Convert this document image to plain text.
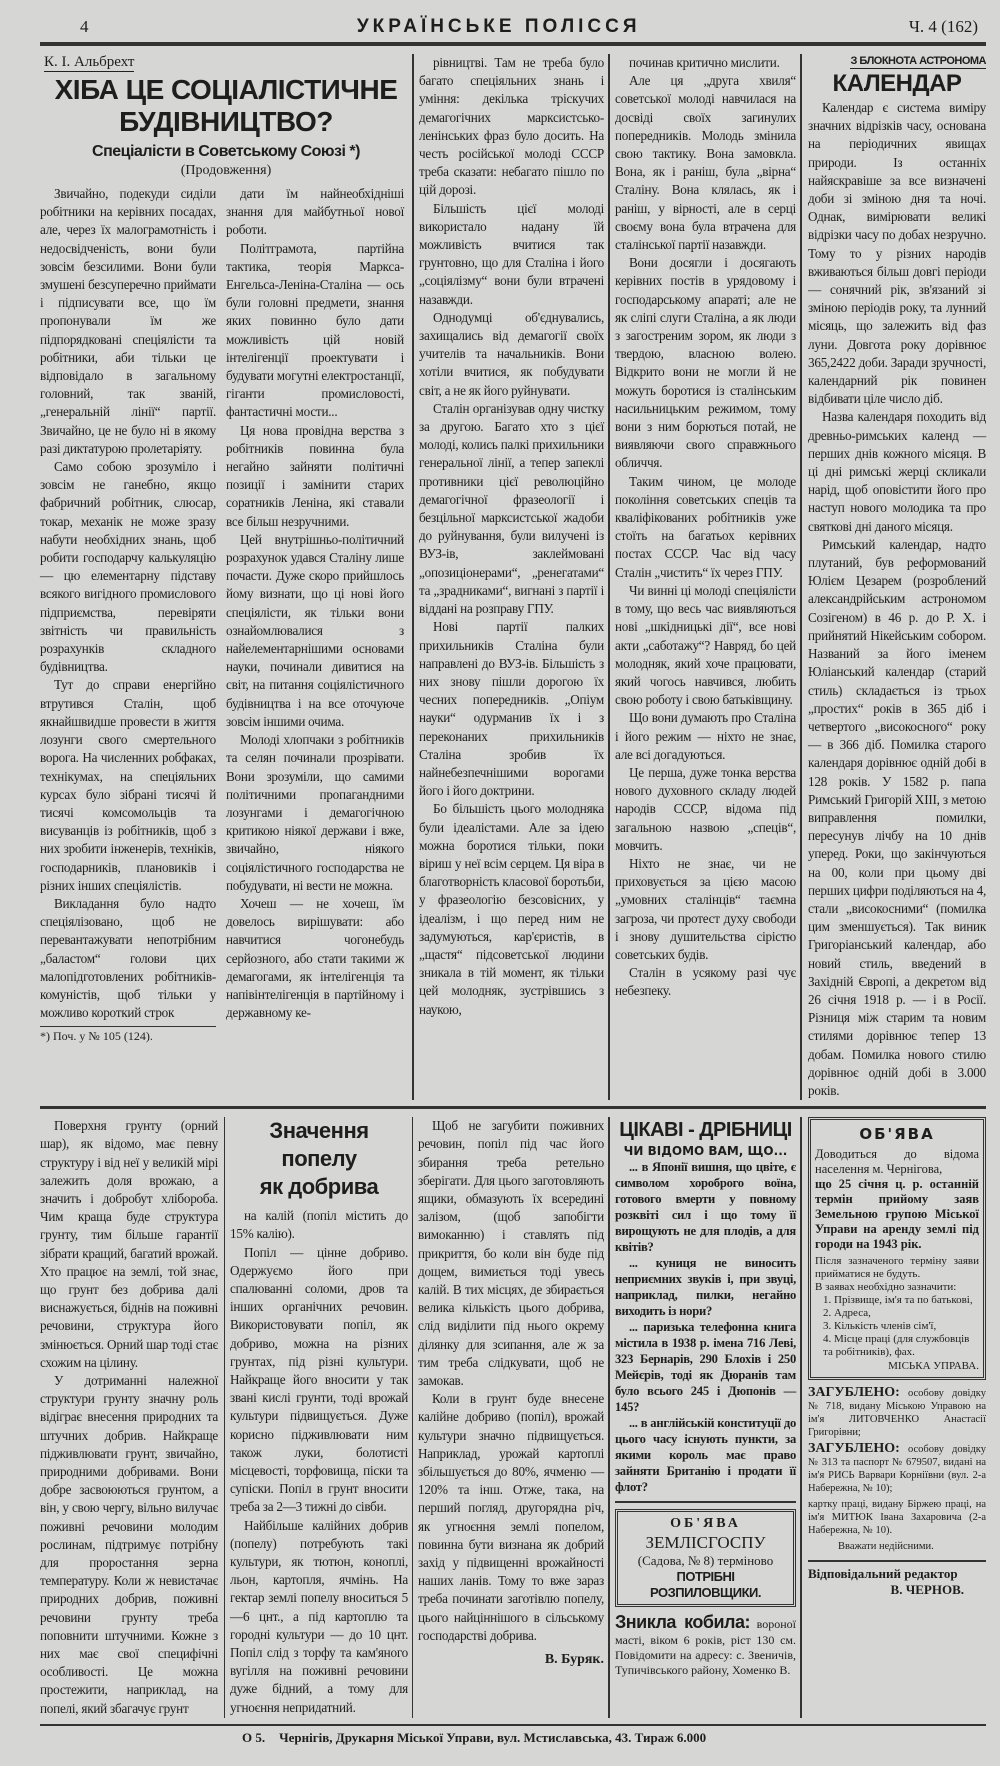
4	УКРАЇНСЬКЕ ПОЛІССЯ	Ч. 4 (162)
К. І. Альбрехт
ХІБА ЦЕ СОЦІАЛІСТИЧНЕ
БУДІВНИЦТВО?
Спеціалісти в Советському Союзі *)
(Продовження)

Звичайно, подекуди сиділи робітники на керівних посадах, але, через їх малограмотність і недосвідченість, вони були зовсім безсилими. Вони були змушені безсуперечно приймати і підписувати все, що їм пропонували їм же підпорядковані спеціялісти та робітники, аби тільки це відповідало в загальному головний, так званій, „генеральній лінії“ партії. Звичайно, це не було ні в якому разі диктатурою пролетаріяту.

Само собою зрозуміло і зовсім не ганебно, якщо фабричний робітник, слюсар, токар, механік не може зразу набути необхідних знань, щоб робити господарчу калькуляцію — цю елементарну підставу всякого вигідного промислового підприємства, перевіряти звітність чи правильність розрахунків складного будівництва.

Тут до справи енергійно втрутився Сталін, щоб якнайшвидше провести в життя лозунги свого смертельного ворога. На численних робфаках, технікумах, на спеціяльних курсах було зібрані тисячі й тисячі комсомольців та висуванців із робітників, щоб з них зробити інженерів, техніків, господарників, плановиків і різних інших спеціялістів.

Викладання було надто спеціялізовано, щоб не перевантажувати непотрібним „баластом“ голови цих малопідготовлених робітників-комуністів, щоб тільки у можливо короткий строк

*) Поч. у № 105 (124).

дати їм найнеобхідніші знання для майбутньої нової роботи.

Політграмота, партійна тактика, теорія Маркса-Енгельса-Леніна-Сталіна — ось були головні предмети, знання яких повинно було дати можливість цій новій інтелігенції проектувати і будувати могутні електростанції, гіганти промисловості, фантастичні мости...

Ця нова провідна верства з робітників повинна була негайно зайняти політичні позиції і замінити старих соратників Леніна, які ставали все більш незручними.

Цей внутрішньо-політичний розрахунок удався Сталіну лише почасти. Дуже скоро прийшлось йому визнати, що ці нові його спеціялісти, як тільки вони ознайомлювалися з найелементарнішими основами науки, починали дивитися на світ, на питання соціялістичного будівництва і на все оточуюче зовсім іншими очима.

Молоді хлопчаки з робітників та селян починали прозрівати. Вони зрозуміли, що самими політичними пропагандними лозунгами і демагогічною критикою ніякої держави і вже, звичайно, ніякого соціялістичного господарства не побудувати, ні вести не можна.

Хочеш — не хочеш, їм довелось вирішувати: або навчитися чогонебудь серйозного, або стати такими ж демагогами, як інтелігенція та напівінтелігенція в партійному і державному ке-

рівництві. Там не треба було багато спеціяльних знань і уміння: декілька тріскучих демагогічних марксистсько-ленінських фраз було досить. На честь російської молоді СССР треба сказати: небагато пішло по цій дорозі.

Більшість цієї молоді використало надану їй можливість вчитися так грунтовно, що для Сталіна і його „соціялізму“ вони були втрачені назавжди.

Однодумці об'єднувались, захищались від демагогії своїх учителів та начальників. Вони хотіли вчитися, як побудувати світ, а не як його руйнувати.

Сталін організував одну чистку за другою. Багато хто з цієї молоді, колись палкі прихильники генеральної лінії, а тепер запеклі противники цієї революційно демагогічної фразеології і безцільної марксистської жадоби до руйнування, були вилучені із ВУЗ-ів, заклеймовані „опозиціонерами“, „ренегатами“ та „зрадниками“, вигнані з партії і віддані на розправу ГПУ.

Нові партії палких прихильників Сталіна були направлені до ВУЗ-ів. Більшість з них знову пішли дорогою їх чесних попередників. „Опіум науки“ одурманив їх і з переконаних прихильників Сталіна зробив їх найнебезпечнішими ворогами його і його доктрини.

Бо більшість цього молодняка були ідеалістами. Але за ідею можна боротися тільки, поки віриш у неї всім серцем. Ця віра в благотворність класової боротьби, у фразеологію безсовісних, у ідеалізм, і що перед ним не задумуються, кар'єристів, в „щастя“ підсоветської людини зникала в тій момент, як тільки цей молодняк, зустрівшись з наукою,

починав критично мислити.

Але ця „друга хвиля“ советської молоді навчилася на досвіді своїх загинулих попередників. Молодь змінила свою тактику. Вона замовкла. Вона, як і раніш, була „вірна“ Сталіну. Вона клялась, як і раніш, у вірності, але в серці своєму вона була втрачена для сталінської партії назавжди.

Вони досягли і досягають керівних постів в урядовому і господарському апараті; але не як сліпі слуги Сталіна, а як люди з загостреним зором, як люди з твердою, власною волею. Відкрито вони не могли й не можуть боротися із сталінським насильницьким режимом, тому вони з ним борються потай, не виявляючи свого справжнього обличчя.

Таким чином, це молоде покоління советських спеців та кваліфікованих робітників уже стоїть на багатьох керівних постах СССР. Час від часу Сталін „чистить“ їх через ГПУ.

Чи винні ці молоді спеціялісти в тому, що весь час виявляються нові „шкідницькі дії“, все нові акти „саботажу“? Навряд, бо цей молодняк, який хоче працювати, який чогось навчився, любить свою роботу і свою батьківщину.

Що вони думають про Сталіна і його режим — ніхто не знає, але всі догадуються.

Це перша, дуже тонка верства нового духовного складу людей народів СССР, відома під загальною назвою „спеців“, мовчить.

Ніхто не знає, чи не приховується за цією масою „умовних сталінців“ таємна загроза, чи протест духу свободи і знову душительства сірістю советських будів.

Сталін в усякому разі чує небезпеку.

З БЛОКНОТА АСТРОНОМА
КАЛЕНДАР

Календар є система виміру значних відрізків часу, основана на періодичних явищах природи. Із останніх найяскравіше за все визначені доби зі зміною дня та ночі. Однак, вимірювати великі відрізки часу по добах незручно. Тому то у різних народів вживаються більш довгі періоди — сонячний рік, зв'язаний зі зміною періодів року, та лунний місяць, що залежить від фаз луни. Довгота року дорівнює 365,2422 доби. Заради зручності, календарний рік повинен відбивати ціле число діб.

Назва календаря походить від древньо-римських календ — перших днів кожного місяця. В ці дні римські жерці скликали нарід, щоб оповістити його про наступ нового молодика та про святкові дні даного місяця.

Римський календар, надто плутаний, був реформований Юлієм Цезарем (розроблений александрійським астрономом Созігеном) в 46 р. до Р. Х. і прийнятий Нікейським собором. Названий за його іменем Юліанський календар (старий стиль) складається із трьох „простих“ років в 365 діб і четвертого „високосного“ року — в 366 діб. Помилка старого календаря дорівнює одній добі в 128 років. У 1582 р. папа Римський Григорій XIII, з метою виправлення помилки, пересунув лічбу на 10 днів уперед. Роки, що закінчуються на 00, коли при цьому дві перших цифри поділяються на 4, стали „високосними“ (помилка цим зменшується). Так виник Григоріанський календар, або новий стиль, введений в Західній Європі, а декретом від 26 січня 1918 р. — і в Росії. Різниця між старим та новим стилями дорівнює тепер 13 добам. Помилка нового стилю дорівнює одній добі в 3.000 років.

Поверхня грунту (орний шар), як відомо, має певну структуру і від неї у великій мірі залежить доля врожаю, а значить і добробут хлібороба. Чим краща буде структура грунту, тим більше гарантії зібрати кращий, багатий врожай. Хто працює на землі, той знає, що грунт без добрива далі виснажується, біднів на поживні речовини, структура його змінюється. Орний шар тоді стає схожим на цілину.

У дотриманні належної структури грунту значну роль відіграє внесення природних та штучних добрив. Найкраще підживлювати грунт, звичайно, природними добривами. Вони добре засвоюються грунтом, а він, у свою чергу, вільно вилучає поживні речовини молодим рослинам, підтримує потрібну для проростання зерна температуру. Коли ж невистачає природних добрив, поживні речовини грунту треба поповнити штучними. Кожне з них має свої специфічні особливості. Це можна простежити, наприклад, на попелі, який збагачує грунт

Значення попелу
як добрива

на калій (попіл містить до 15% калію).

Попіл — цінне добриво. Одержуємо його при спалюванні соломи, дров та інших органічних речовин. Використовувати попіл, як добриво, можна на різних грунтах, під різні культури. Найкраще його вносити у так звані кислі грунти, тоді врожай культури підвищується. Дуже корисно підживлювати ним також луки, болотисті місцевості, торфовища, піски та супіски. Попіл в грунт вносити треба за 2—3 тижні до сівби.

Найбільше калійних добрив (попелу) потребують такі культури, як тютюн, коноплі, льон, картопля, ячмінь. На гектар землі попелу вноситься 5—6 цнт., а під картоплю та городні культури — до 10 цнт. Попіл слід з торфу та кам'яного вугілля на поживні речовини дуже бідний, а тому для угноєння непридатний.

Щоб не загубити поживних речовин, попіл під час його збирання треба ретельно зберігати. Для цього заготовляють ящики, обмазують їх всередині залізом, (щоб запобігти вимоканню) і ставлять під прикриття, бо коли він буде під дощем, вимиється тоді увесь калій. В тих місцях, де збирається велика кількість цього добрива, слід виділити під нього окрему ділянку для зсипання, але ж за тим треба слідкувати, щоб не замокав.

Коли в грунт буде внесене калійне добриво (попіл), врожай культури значно підвищується. Наприклад, урожай картоплі збільшується до 80%, ячменю — 120% та інш. Отже, така, на перший погляд, другорядна річ, як угноєння землі попелом, повинна бути визнана як добрий захід у підвищенні врожайності наших ланів. Тому то вже зараз треба починати заготівлю попелу, цього найціннішого в сільському господарстві добрива.

В. Буряк.
ЦІКАВІ - ДРІБНИЦІ
ЧИ ВІДОМО ВАМ, ЩО...

... в Японії вишня, що цвіте, є символом хороброго воїна, готового вмерти у повному розквіті сил і що тому її вирощують не для плодів, а для квітів?

... куниця не виносить неприємних звуків і, при звуці, наприклад, пилки, негайно виходить із нори?

... паризька телефонна книга містила в 1938 р. імена 716 Леві, 323 Бернарів, 290 Блохів і 250 Мейєрів, тоді як Дюранів там було всього 245 і Дюпонів — 145?

... в англійській конституції до цього часу існують пункти, за якими король має право зайняти Британію і продати її флот?

ОБ'ЯВА
ЗЕМЛІСГОСПУ
(Садова, № 8) терміново
ПОТРІБНІ РОЗПИЛОВЩИКИ.
Зникла кобила: вороної масті, віком 6 років, ріст 130 см. Повідомити на адресу: с. Звеничів, Тупичівського району, Хоменко В.
ОБ'ЯВА
Доводиться до відома населення м. Чернігова,
що 25 січня ц. р. останній термін прийому заяв Земельною групою Міської Управи на аренду землі під городи на 1943 рік.
Після зазначеного терміну заяви прийматися не будуть.
В заявах необхідно зазначити:
1. Прізвище, ім'я та по батькові,
2. Адреса,
3. Кількість членів сім'ї,
4. Місце праці (для службовців та робітників), фах.
МІСЬКА УПРАВА.
ЗАГУБЛЕНО: особову довідку № 718, видану Міською Управою на ім'я ЛИТОВЧЕНКО Анастасії Григорівни;
ЗАГУБЛЕНО: особову довідку № 313 та паспорт № 679507, видані на ім'я РИСЬ Варвари Корніївни (вул. 2-а Набережна, № 10);
картку праці, видану Біржею праці, на ім'я МИТЮК Івана Захаровича (2-а Набережна, № 10).
Вважати недійсними.
Відповідальний редактор
В. ЧЕРНОВ.
О 5. Чернігів, Друкарня Міської Управи, вул. Мстиславська, 43. Тираж 6.000
